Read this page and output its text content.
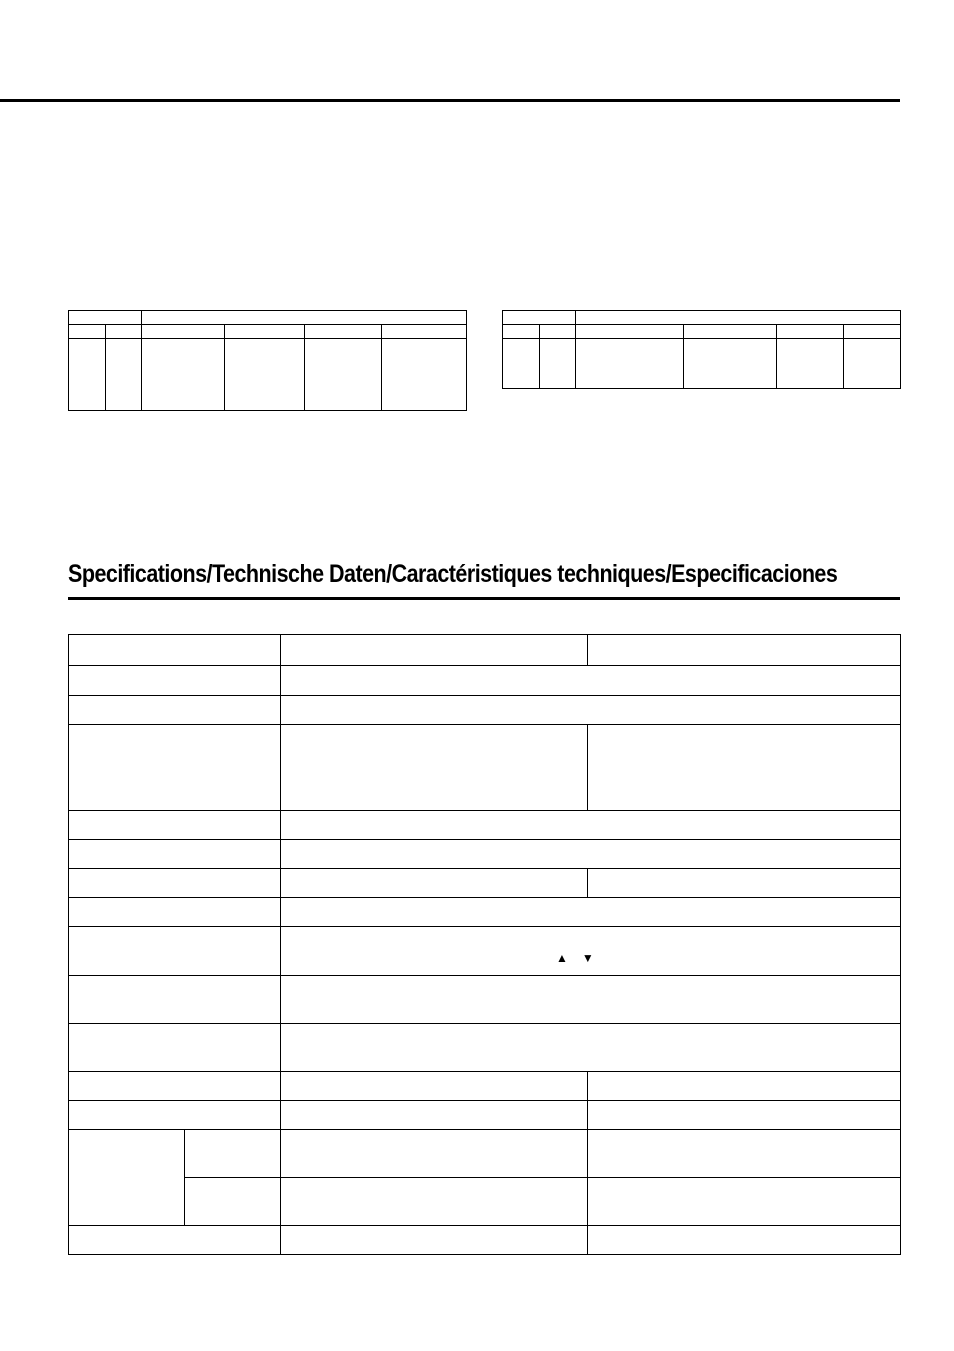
Specifications/Technische Daten/Caractéristiques techniques/Especificaciones

▲▼
